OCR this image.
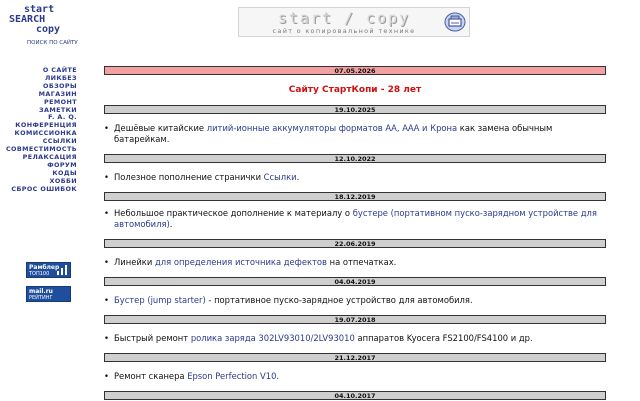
start
SEARCH
copy
ПОИСК ПО САЙТУ
start / copy
сайт о копировальной технике
О САЙТЕ
ЛИКБЕЗ
ОБЗОРЫ
МАГАЗИН
РЕМОНТ
ЗАМЕТКИ
F. A. Q.
КОНФЕРЕНЦИЯ
КОМИССИОНКА
ССЫЛКИ
СОВМЕСТИМОСТЬ
РЕЛАКСАЦИЯ
ФОРУМ
КОДЫ
ХОББИ
СБРОС ОШИБОК
Рамблер
ТОП100
mail.ru
РЕЙТИНГ
07.05.2026
Сайту СтартКопи - 28 лет
19.10.2025
• Дешёвые китайские литий-ионные аккумуляторы форматов АА, ААА и Крона как замена обычным батарейкам.
12.10.2022
• Полезное пополнение странички Ссылки.
18.12.2019
• Небольшое практическое дополнение к материалу о бустере (портативном пуско-зарядном устройстве для автомобиля).
22.06.2019
• Линейки для определения источника дефектов на отпечатках.
04.04.2019
• Бустер (jump starter) - портативное пуско-зарядное устройство для автомобиля.
19.07.2018
• Быстрый ремонт ролика заряда 302LV93010/2LV93010 аппаратов Kyocera FS2100/FS4100 и др.
21.12.2017
• Ремонт сканера Epson Perfection V10.
04.10.2017
